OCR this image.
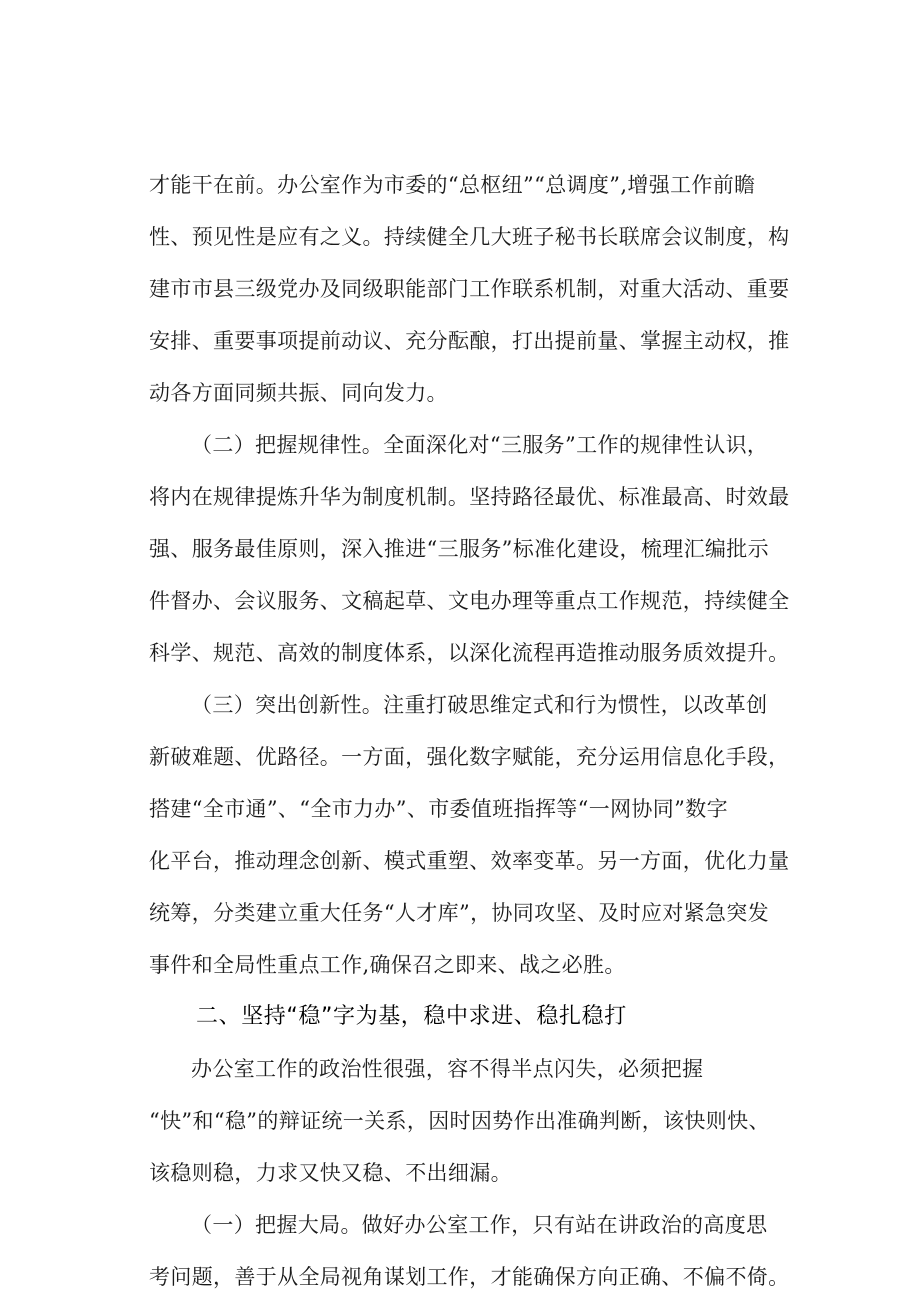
才能干在前。办公室作为市委的“总枢纽”“总调度”,增强工作前瞻
性、预见性是应有之义。持续健全几大班子秘书长联席会议制度，构
建市市县三级党办及同级职能部门工作联系机制，对重大活动、重要
安排、重要事项提前动议、充分酝酿，打出提前量、掌握主动权，推
动各方面同频共振、同向发力。
（二）把握规律性。全面深化对“三服务”工作的规律性认识，
将内在规律提炼升华为制度机制。坚持路径最优、标准最高、时效最
强、服务最佳原则，深入推进“三服务”标准化建设，梳理汇编批示
件督办、会议服务、文稿起草、文电办理等重点工作规范，持续健全
科学、规范、高效的制度体系，以深化流程再造推动服务质效提升。
（三）突出创新性。注重打破思维定式和行为惯性，以改革创
新破难题、优路径。一方面，强化数字赋能，充分运用信息化手段，
搭建“全市通”、“全市力办”、市委值班指挥等“一网协同”数字
化平台，推动理念创新、模式重塑、效率变革。另一方面，优化力量
统筹，分类建立重大任务“人才库”，协同攻坚、及时应对紧急突发
事件和全局性重点工作,确保召之即来、战之必胜。
二、坚持“稳”字为基，稳中求进、稳扎稳打
办公室工作的政治性很强，容不得半点闪失，必须把握
“快”和“稳”的辩证统一关系，因时因势作出准确判断，该快则快、
该稳则稳，力求又快又稳、不出细漏。
（一）把握大局。做好办公室工作，只有站在讲政治的高度思
考问题，善于从全局视角谋划工作，才能确保方向正确、不偏不倚。
